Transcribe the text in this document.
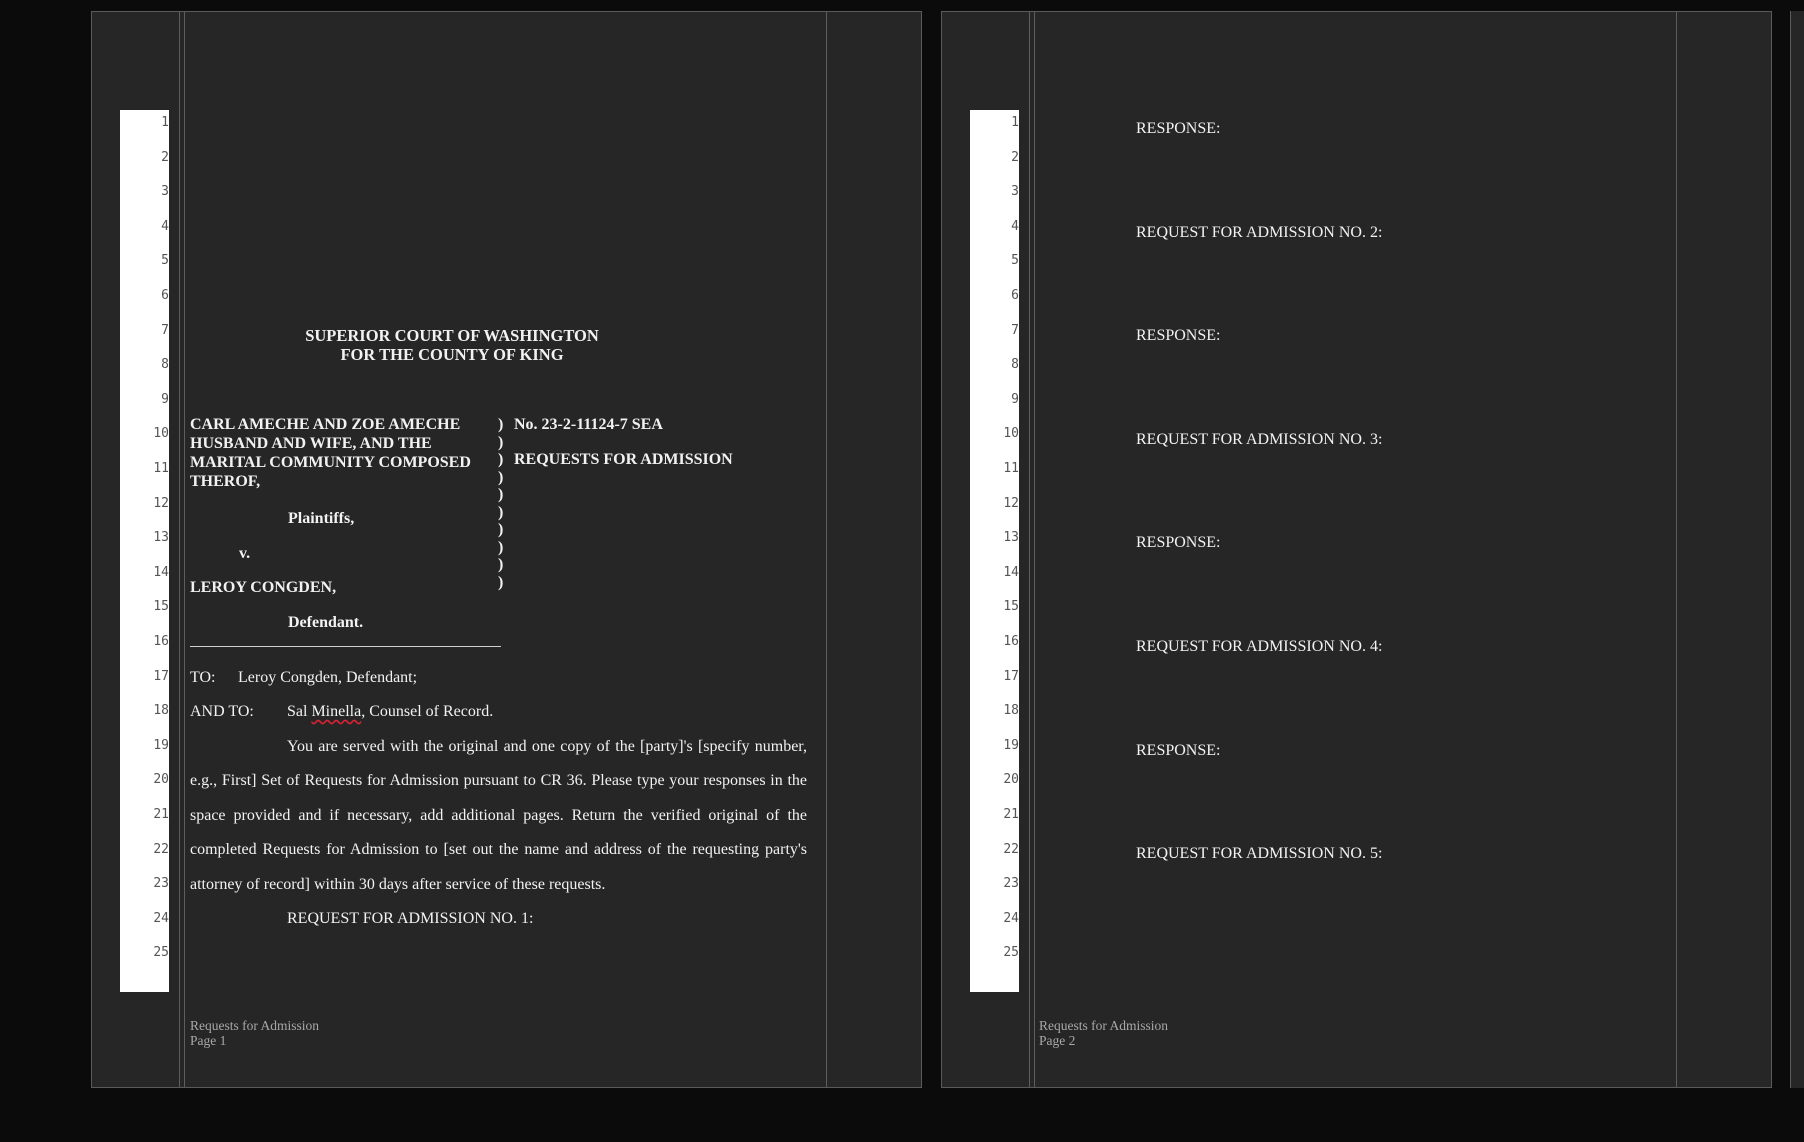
1
2
3
4
5
6
7
8
9
10
11
12
13
14
15
16
17
18
19
20
21
22
23
24
25
SUPERIOR COURT OF WASHINGTON
FOR THE COUNTY OF KING
CARL AMECHE AND ZOE AMECHE
HUSBAND AND WIFE, AND THE
MARITAL COMMUNITY COMPOSED
THEROF,
Plaintiffs,
v.
LEROY CONGDEN,
Defendant.
)
)
)
)
)
)
)
)
)
)
No. 23-2-11124-7 SEA
REQUESTS FOR ADMISSION
TO: Leroy Congden, Defendant;
AND TO: Sal Minella, Counsel of Record.
You are served with the original and one copy of the [party]'s [specify number,
e.g., First] Set of Requests for Admission pursuant to CR 36. Please type your responses in the
space provided and if necessary, add additional pages. Return the verified original of the
completed Requests for Admission to [set out the name and address of the requesting party's
attorney of record] within 30 days after service of these requests.
REQUEST FOR ADMISSION NO. 1:
Requests for Admission
Page 1
1
2
3
4
5
6
7
8
9
10
11
12
13
14
15
16
17
18
19
20
21
22
23
24
25
RESPONSE:
REQUEST FOR ADMISSION NO. 2:
RESPONSE:
REQUEST FOR ADMISSION NO. 3:
RESPONSE:
REQUEST FOR ADMISSION NO. 4:
RESPONSE:
REQUEST FOR ADMISSION NO. 5:
Requests for Admission
Page 2
